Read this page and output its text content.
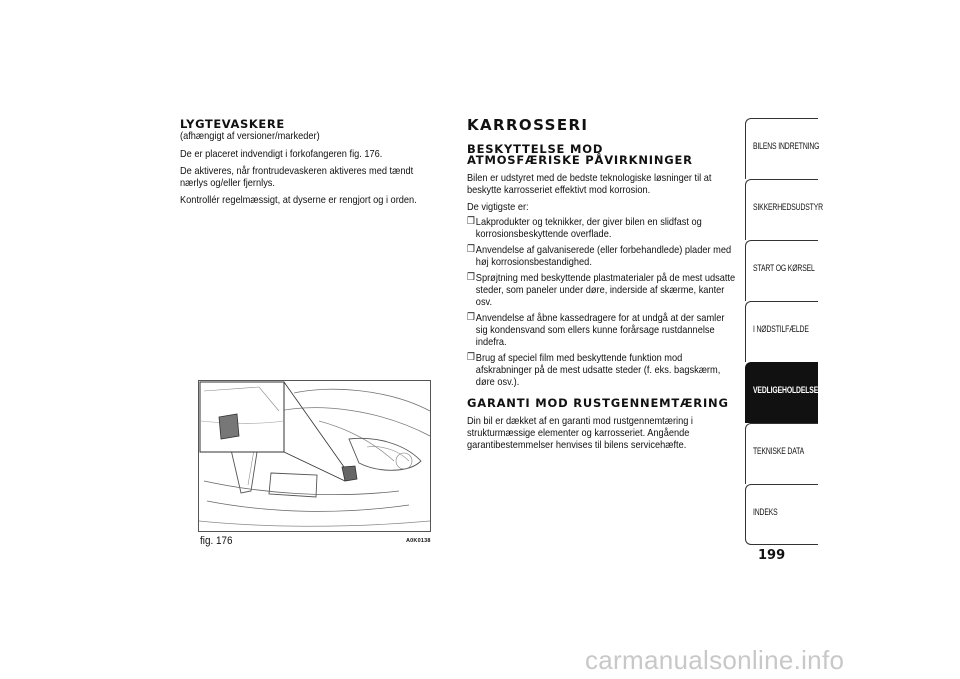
LYGTEVASKERE

(afhængigt af versioner/markeder)

De er placeret indvendigt i forkofangeren fig. 176.

De aktiveres, når frontrudevaskeren aktiveres med tændt nærlys og/eller fjernlys.

Kontrollér regelmæssigt, at dyserne er rengjort og i orden.

fig. 176	A0K0138
KARROSSERI
BESKYTTELSE MOD ATMOSFÆRISKE PÅVIRKNINGER

Bilen er udstyret med de bedste teknologiske løsninger til at beskytte karrosseriet effektivt mod korrosion.

De vigtigste er:

❒ Lakprodukter og teknikker, der giver bilen en slidfast og korrosionsbeskyttende overflade.
❒ Anvendelse af galvaniserede (eller forbehandlede) plader med høj korrosionsbestandighed.
❒ Sprøjtning med beskyttende plastmaterialer på de mest udsatte steder, som paneler under døre, inderside af skærme, kanter osv.
❒ Anvendelse af åbne kassedragere for at undgå at der samler sig kondensvand som ellers kunne forårsage rustdannelse indefra.
❒ Brug af speciel film med beskyttende funktion mod afskrabninger på de mest udsatte steder (f. eks. bagskærm, døre osv.).
GARANTI MOD RUSTGENNEMTÆRING

Din bil er dækket af en garanti mod rustgennemtæring i strukturmæssige elementer og karrosseriet. Angående garantibestemmelser henvises til bilens servicehæfte.

BILENS INDRETNING
SIKKERHEDSUDSTYR
START OG KØRSEL
I NØDSTILFÆLDE
VEDLIGEHOLDELSE
TEKNISKE DATA
INDEKS
199
carmanualsonline.info
